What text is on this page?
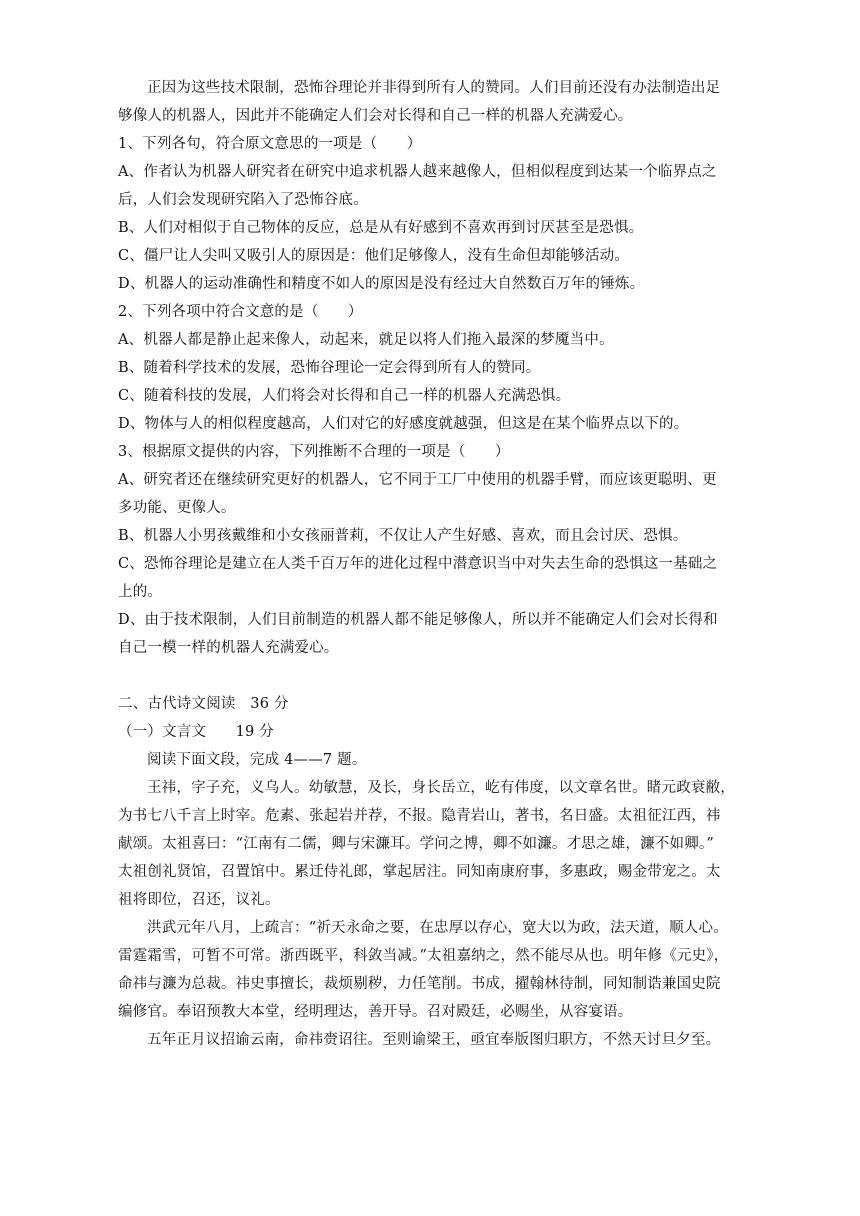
正因为这些技术限制，恐怖谷理论并非得到所有人的赞同。人们目前还没有办法制造出足
够像人的机器人，因此并不能确定人们会对长得和自己一样的机器人充满爱心。
1、下列各句，符合原文意思的一项是（　　）
A、作者认为机器人研究者在研究中追求机器人越来越像人，但相似程度到达某一个临界点之
后，人们会发现研究陷入了恐怖谷底。
B、人们对相似于自己物体的反应，总是从有好感到不喜欢再到讨厌甚至是恐惧。
C、僵尸让人尖叫又吸引人的原因是：他们足够像人，没有生命但却能够活动。
D、机器人的运动准确性和精度不如人的原因是没有经过大自然数百万年的锤炼。
2、下列各项中符合文意的是（　　）
A、机器人都是静止起来像人，动起来，就足以将人们拖入最深的梦魇当中。
B、随着科学技术的发展，恐怖谷理论一定会得到所有人的赞同。
C、随着科技的发展，人们将会对长得和自己一样的机器人充满恐惧。
D、物体与人的相似程度越高，人们对它的好感度就越强，但这是在某个临界点以下的。
3、根据原文提供的内容，下列推断不合理的一项是（　　）
A、研究者还在继续研究更好的机器人，它不同于工厂中使用的机器手臂，而应该更聪明、更
多功能、更像人。
B、机器人小男孩戴维和小女孩丽普莉，不仅让人产生好感、喜欢，而且会讨厌、恐惧。
C、恐怖谷理论是建立在人类千百万年的进化过程中潜意识当中对失去生命的恐惧这一基础之
上的。
D、由于技术限制，人们目前制造的机器人都不能足够像人，所以并不能确定人们会对长得和
自己一模一样的机器人充满爱心。
二、古代诗文阅读　36 分
（一）文言文　　19 分
阅读下面文段，完成 4——7 题。
王祎，字子充，义乌人。幼敏慧，及长，身长岳立，屹有伟度，以文章名世。睹元政衰敝，
为书七八千言上时宰。危素、张起岩并荐，不报。隐青岩山，著书，名日盛。太祖征江西，祎
献颂。太祖喜曰：“江南有二儒，卿与宋濂耳。学问之博，卿不如濂。才思之雄，濂不如卿。”
太祖创礼贤馆，召置馆中。累迁侍礼郎，掌起居注。同知南康府事，多惠政，赐金带宠之。太
祖将即位，召还，议礼。
洪武元年八月，上疏言：“祈天永命之要，在忠厚以存心，宽大以为政，法天道，顺人心。
雷霆霜雪，可暂不可常。浙西既平，科敛当减。”太祖嘉纳之，然不能尽从也。明年修《元史》，
命祎与濂为总裁。祎史事擅长，裁烦剔秽，力任笔削。书成，擢翰林待制，同知制诰兼国史院
编修官。奉诏预教大本堂，经明理达，善开导。召对殿廷，必赐坐，从容宴语。
五年正月议招谕云南，命祎赍诏往。至则谕梁王，亟宜奉版图归职方，不然天讨旦夕至。
